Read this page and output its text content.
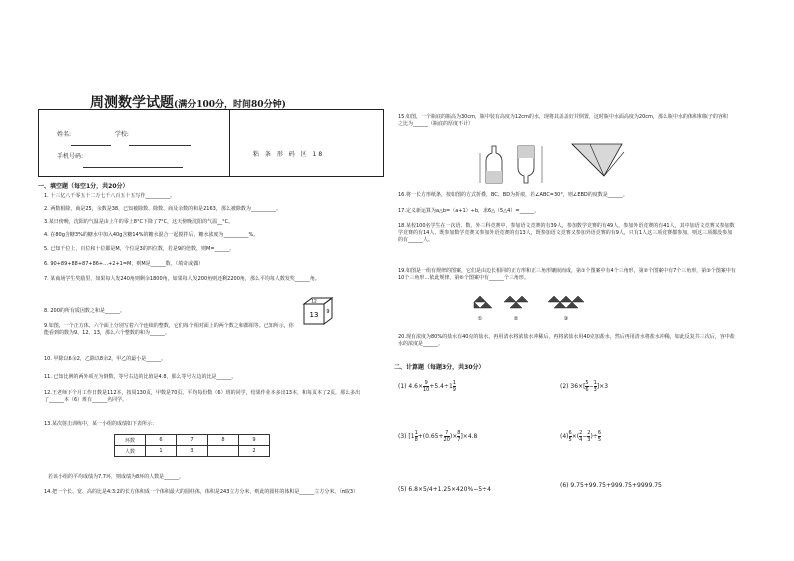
周测数学试题(满分100分，时间80分钟)
姓名:	学校:
手机号码:	粘 条 形 码 区 18
一、填空题（每空1分，共20分）
1. 十三亿八千零五十二万七千八百五十五写作__________。
2. 两数相除，商是25，余数是38，已知被除数、除数、商及余数的和是2163，那么被除数为__________。
3.某日傍晚，沈阳的气温是由上午的零上8°C下降了7°C，这天傍晚沈阳的气温__°C。
4. 在80g含糖3%的糖水中加入40g含糖14%的糖水混合一起搅拌后，糖水浓度为__________%。
5. 已知千位上，百位和十位都是M，个位是3的四位数，若是9的倍数，则M=______。
6. 90+89+88+87+86+…+2+1=M，则M是______数。（填奇或偶）
7. 某商场学生奖励里，如果每人发240角则剩余1800角，如果每人发200角则还剩2200角，那么平均每人数发奖______角。
8. 200的所有质因数之和是______。
12
13 9
9.如图，一个正方体，六个面上分别写着六个连续的整数，它们每个相对面上的两个数之和都相等。已知所示，你能看到的数为9、12、13，那么六个整数的和为______。
10. 甲除以6余2，乙除以8余2，甲乙的最小是______。
11. 已知比例的两外项互为倒数，等号右边的比值是4.8，那么等号左边的比是______。
12.王老师下个月工作日数是112本，按周130页，甲数是70页，平均每份数（6）班的同学，结果作业本多出13本，和每页本了2页，那么多出了______本（6）班有______名同学。
13.某次射击训练中，某一小组的成绩如下表所示：
环数	6	7	8	9
人数	1	3		2
若该小组的平均成绩为7.7环，则成绩为8环的人数是______。
14.把一个长、宽、高的比是4:3:2的长方体积成一个体积最大的圆柱体，体积是243立方分米，则此的圆柱的体积是______立方分米。（π取3）
15.如图，一个瓶底的瓶高为30cm，瓶中装有高度为12cm的水，现将其盖盖好并倒置，这时瓶中水面高度为20cm，那么瓶中水的体积和瓶子的容积之比为______（瓶底的厚度不计）
16.将一长方形纸条，按如图的方式折叠，BC、BD为折痕，若∠ABC=30°，则∠EBD的度数是______。
17.定义新运算为a△b=（a+1）÷b，求6△（5△4）=______。
18.某校100名学生在一次语、数、外三科竞赛中，参加语文竞赛的有39人，参加数学竞赛的有49人，参加外语竞赛的有41人，其中加语文竞赛又参加数学竞赛的有14人，既参加数学竞赛又参加外语竞赛的有13人，既参加语文竞赛又参加外语竞赛的有9人，只有1人这三项竞赛都参加，则这三项都没参加的有______人。
19.如图是一组有规律的图案，它们是由边长相同的正方形和正三角形镶嵌而成，第①个图案中有4个三角形，第②个图案中有7个三角形，第③个图案中有10个三角形…依此规律，第⑥个图案中有______个三角形。
①	②	③
20.现有浓度为80%的盐水有40克的盐水，再用清水将浓盐水冲稀后，再将浓盐水用40克加盐水，然后再用清水将盐水冲稀，如此反复共三次后，容中盐水的浓度是______。
二、计算题（每题3分，共30分）
(1) $4.6\times \frac{9}{10} +5.4\div 1 \frac{1}{9}$	(2) $36\times[ \frac{5}{6} - \frac{1}{3} ]\times 3$
(3) [$1 \frac{1}{8} +(0.65+ \frac{7}{20}$ )× $\frac{8}{7} ]\times 4.8$	$(4) \frac{6}{5}$ ×( $\frac{2}{4} - \frac{2}{3}$ )÷ $\frac{6}{5}$
(5) 6.8×5/4+1.25×420%−5÷4
(6) 9.75+99.75+999.75+9999.75
